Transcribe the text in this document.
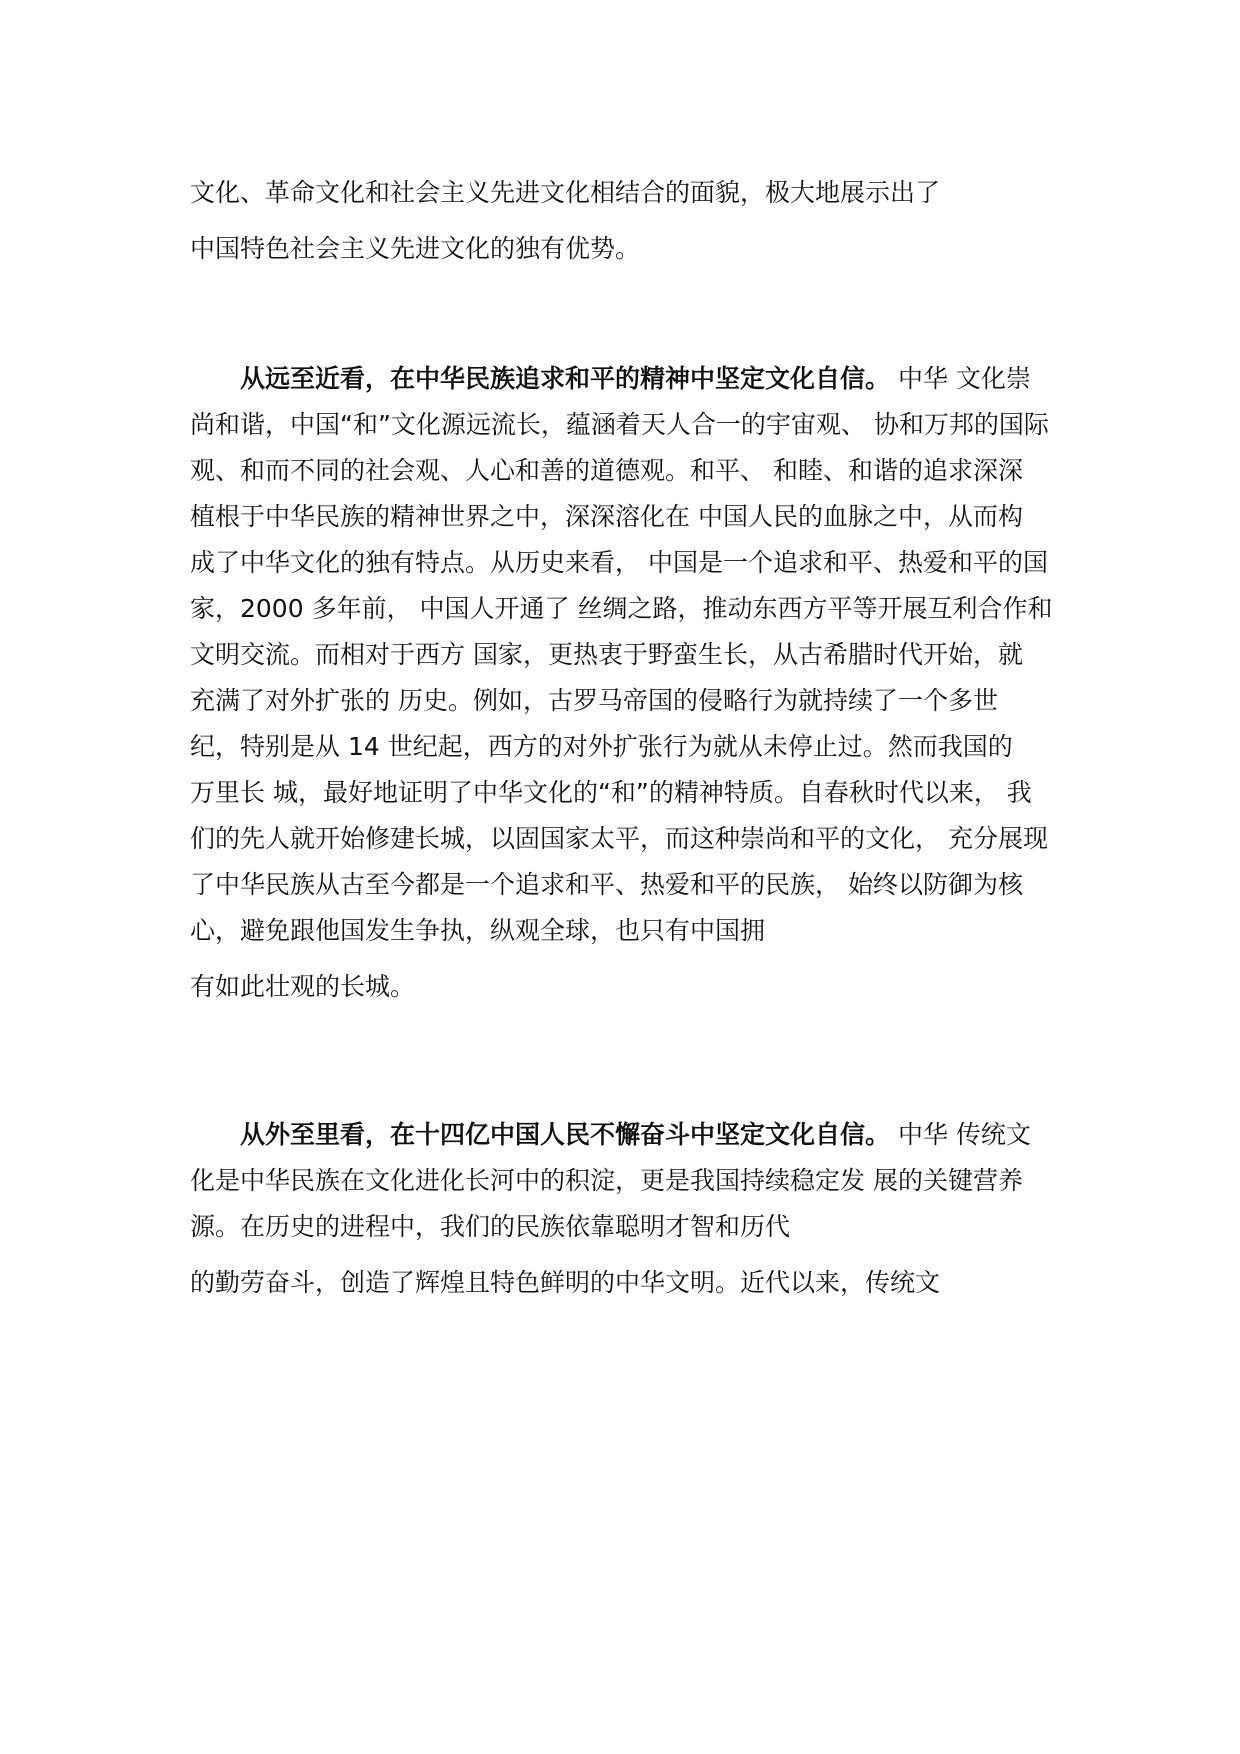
文化、革命文化和社会主义先进文化相结合的面貌，极大地展示出了

中国特色社会主义先进文化的独有优势。

从远至近看，在中华民族追求和平的精神中坚定文化自信。 中华 文化崇

尚和谐，中国“和”文化源远流长，蕴涵着天人合一的宇宙观、 协和万邦的国际

观、和而不同的社会观、人心和善的道德观。和平、 和睦、和谐的追求深深

植根于中华民族的精神世界之中，深深溶化在 中国人民的血脉之中，从而构

成了中华文化的独有特点。从历史来看， 中国是一个追求和平、热爱和平的国

家，2000 多年前， 中国人开通了 丝绸之路，推动东西方平等开展互利合作和

文明交流。而相对于西方 国家，更热衷于野蛮生长，从古希腊时代开始，就

充满了对外扩张的 历史。例如，古罗马帝国的侵略行为就持续了一个多世

纪，特别是从 14 世纪起，西方的对外扩张行为就从未停止过。然而我国的

万里长 城，最好地证明了中华文化的“和”的精神特质。自春秋时代以来， 我

们的先人就开始修建长城，以固国家太平，而这种崇尚和平的文化， 充分展现

了中华民族从古至今都是一个追求和平、热爱和平的民族， 始终以防御为核

心，避免跟他国发生争执，纵观全球，也只有中国拥

有如此壮观的长城。

从外至里看，在十四亿中国人民不懈奋斗中坚定文化自信。 中华 传统文

化是中华民族在文化进化长河中的积淀，更是我国持续稳定发 展的关键营养

源。在历史的进程中，我们的民族依靠聪明才智和历代

的勤劳奋斗，创造了辉煌且特色鲜明的中华文明。近代以来，传统文
